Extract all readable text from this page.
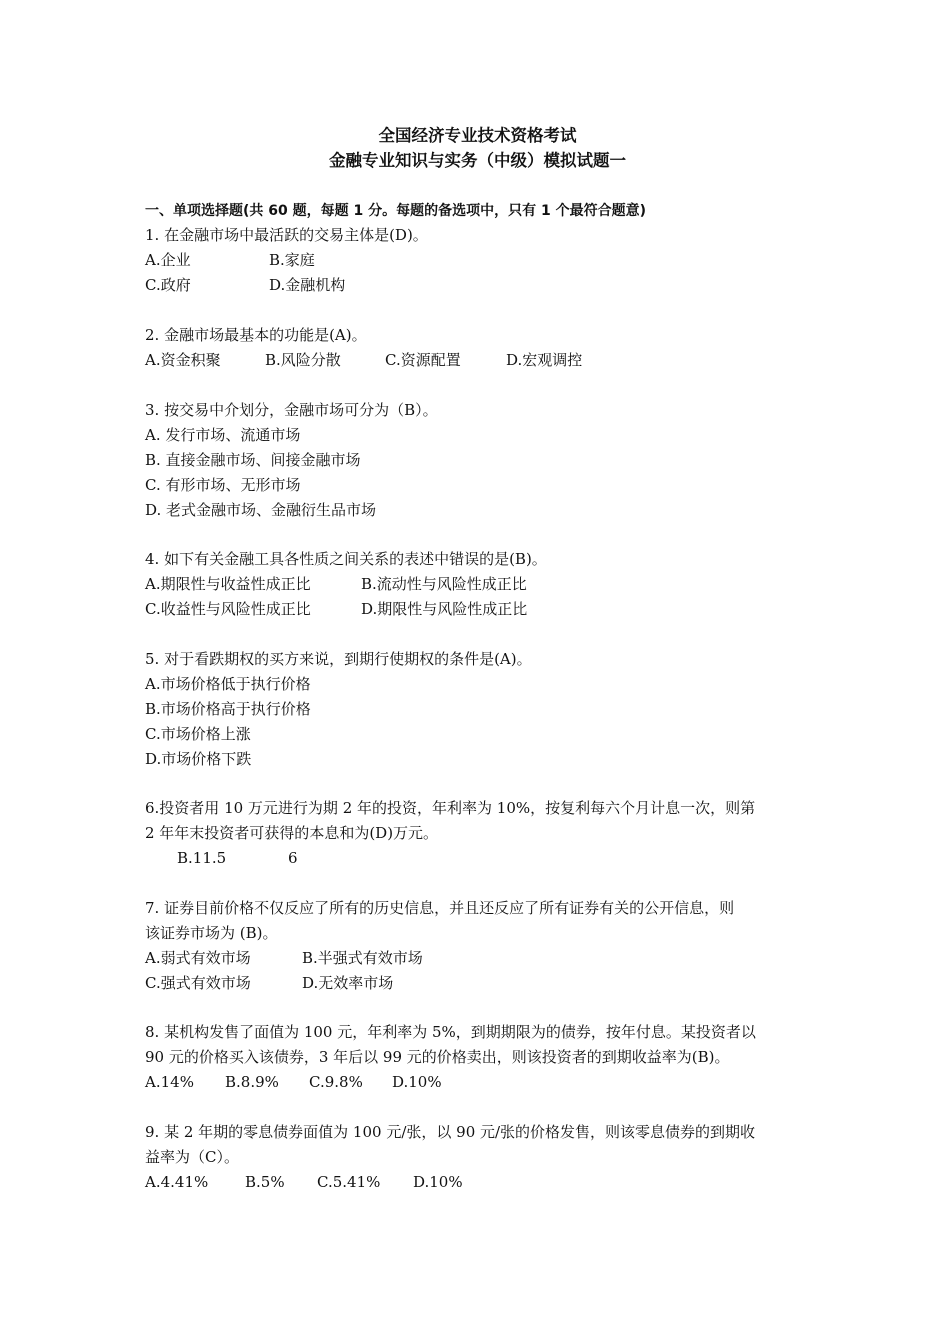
全国经济专业技术资格考试
金融专业知识与实务（中级）模拟试题一
一、单项选择题(共 60 题，每题 1 分。每题的备选项中，只有 1 个最符合题意)
1. 在金融市场中最活跃的交易主体是(D)。
A.企业	B.家庭
C.政府	D.金融机构
2. 金融市场最基本的功能是(A)。
A.资金积聚	B.风险分散	C.资源配置	D.宏观调控
3. 按交易中介划分，金融市场可分为（B）。
A. 发行市场、流通市场
B. 直接金融市场、间接金融市场
C. 有形市场、无形市场
D. 老式金融市场、金融衍生品市场
4. 如下有关金融工具各性质之间关系的表述中错误的是(B)。
A.期限性与收益性成正比	B.流动性与风险性成正比
C.收益性与风险性成正比	D.期限性与风险性成正比
5. 对于看跌期权的买方来说，到期行使期权的条件是(A)。
A.市场价格低于执行价格
B.市场价格高于执行价格
C.市场价格上涨
D.市场价格下跌
6.投资者用 10 万元进行为期 2 年的投资，年利率为 10%，按复利每六个月计息一次，则第
2 年年末投资者可获得的本息和为(D)万元。
B.11.5	6
7. 证券目前价格不仅反应了所有的历史信息，并且还反应了所有证券有关的公开信息，则
该证券市场为 (B)。
A.弱式有效市场	B.半强式有效市场
C.强式有效市场	D.无效率市场
8. 某机构发售了面值为 100 元，年利率为 5%，到期期限为的债券，按年付息。某投资者以
90 元的价格买入该债券，3 年后以 99 元的价格卖出，则该投资者的到期收益率为(B)。
A.14% B.8.9% C.9.8% D.10%
9. 某 2 年期的零息债券面值为 100 元/张，以 90 元/张的价格发售，则该零息债券的到期收
益率为（C）。
A.4.41% B.5% C.5.41% D.10%
